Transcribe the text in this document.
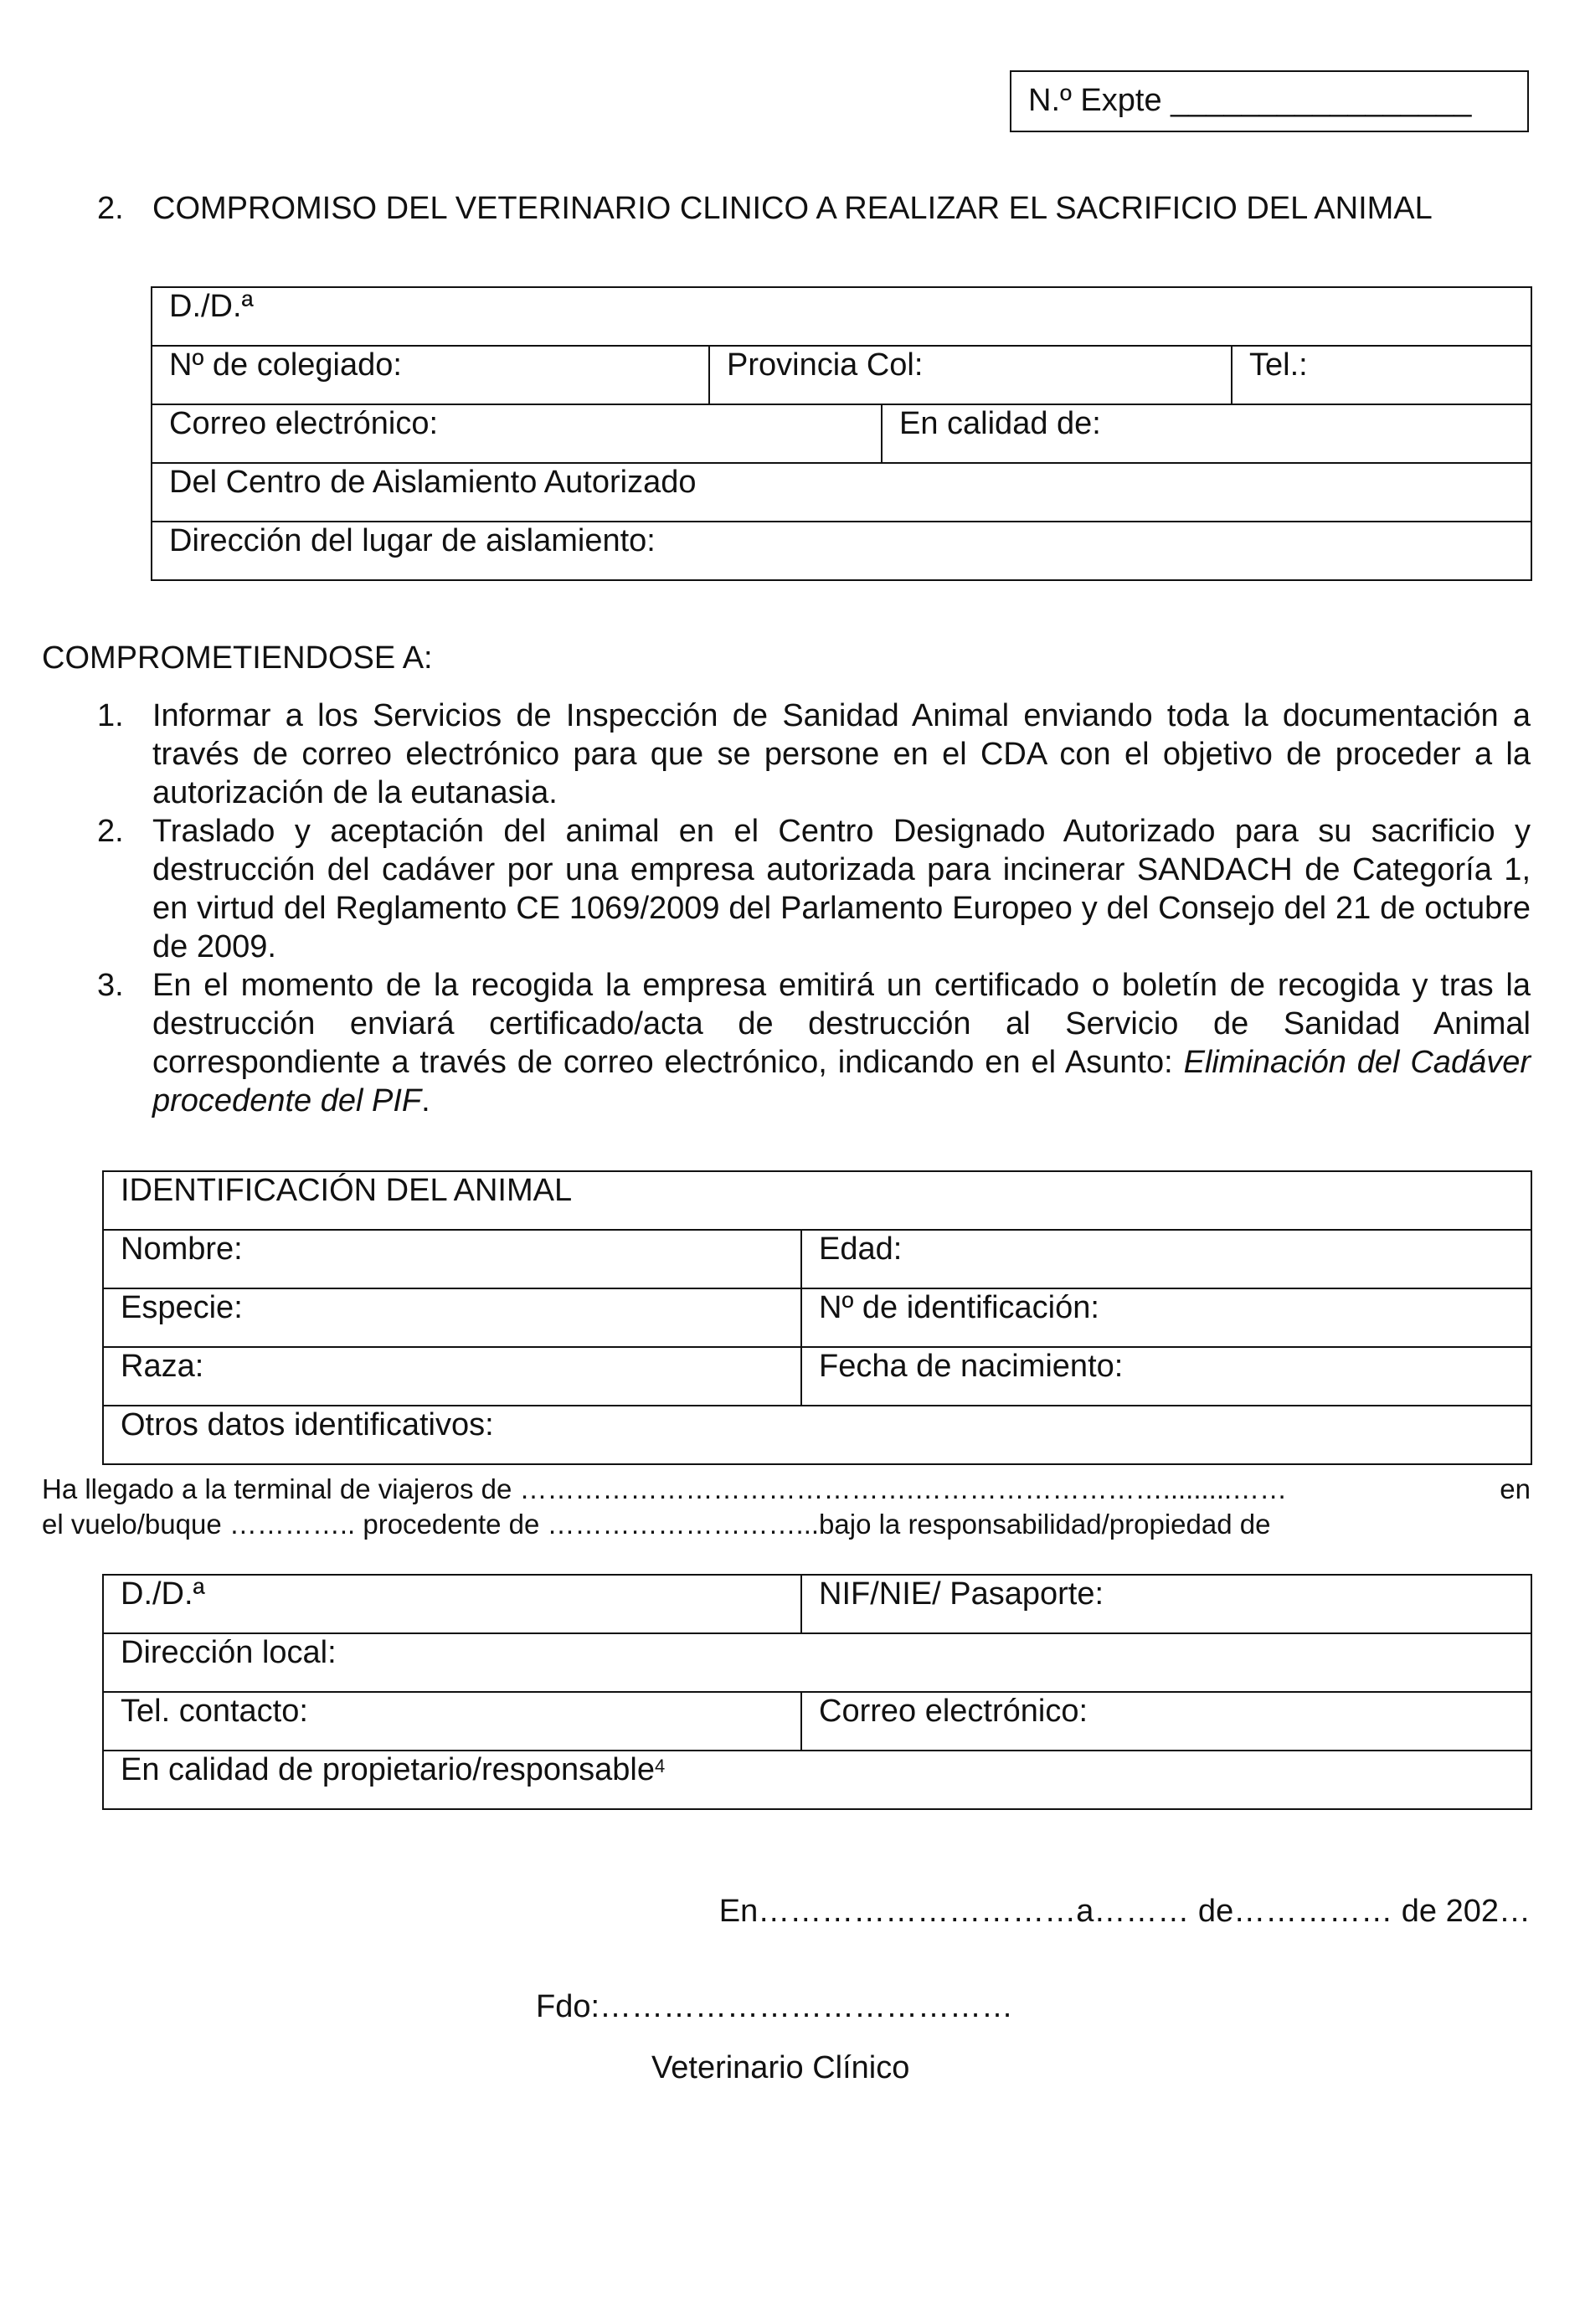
N.º Expte _________________
2. COMPROMISO DEL VETERINARIO CLINICO A REALIZAR EL SACRIFICIO DEL ANIMAL
D./D.ª			
Nº de colegiado:	Provincia Col:		Tel.:
Correo electrónico:		En calidad de:	
Del Centro de Aislamiento Autorizado			
Dirección del lugar de aislamiento:			
COMPROMETIENDOSE A:
1. Informar a los Servicios de Inspección de Sanidad Animal enviando toda la documentación a través de correo electrónico para que se persone en el CDA con el objetivo de proceder a la autorización de la eutanasia.
2. Traslado y aceptación del animal en el Centro Designado Autorizado para su sacrificio y destrucción del cadáver por una empresa autorizada para incinerar SANDACH de Categoría 1, en virtud del Reglamento CE 1069/2009 del Parlamento Europeo y del Consejo del 21 de octubre de 2009.
3. En el momento de la recogida la empresa emitirá un certificado o boletín de recogida y tras la destrucción enviará certificado/acta de destrucción al Servicio de Sanidad Animal correspondiente a través de correo electrónico, indicando en el Asunto: Eliminación del Cadáver procedente del PIF.
IDENTIFICACIÓN DEL ANIMAL	
Nombre:	Edad:
Especie:	Nº de identificación:
Raza:	Fecha de nacimiento:
Otros datos identificativos:	
Ha llegado a la terminal de viajeros de …………………………………….……………………….........……	en
el vuelo/buque ………….. procedente de ………………………...bajo la responsabilidad/propiedad de
D./D.ª	NIF/NIE/ Pasaporte:
Dirección local:	
Tel. contacto:	Correo electrónico:
En calidad de propietario/responsable$^4$
En…………………………a……… de…………… de 202…
Fdo:…………………………………
Veterinario Clínico
